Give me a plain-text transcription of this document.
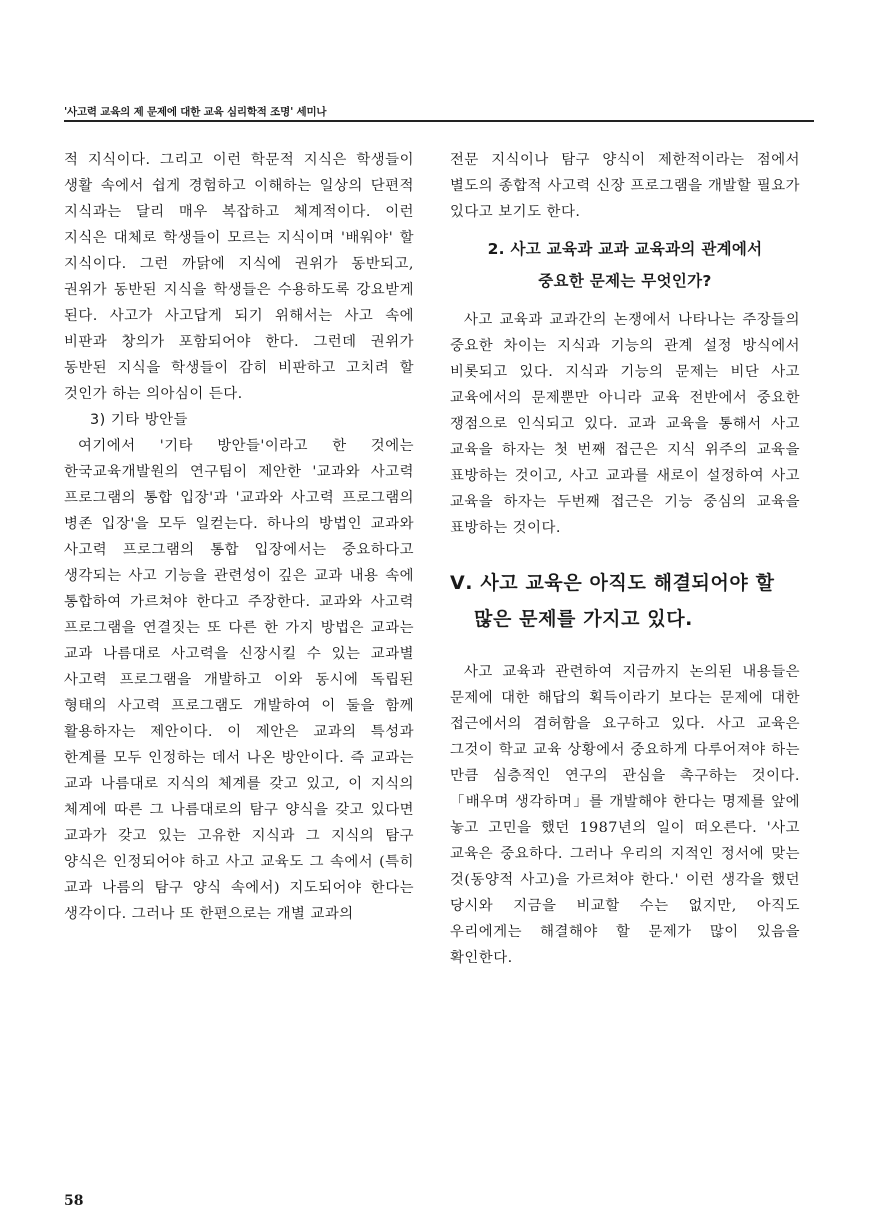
'사고력 교육의 제 문제에 대한 교육 심리학적 조명' 세미나

적 지식이다. 그리고 이런 학문적 지식은 학생들이 생활 속에서 쉽게 경험하고 이해하는 일상의 단편적 지식과는 달리 매우 복잡하고 체계적이다. 이런 지식은 대체로 학생들이 모르는 지식이며 '배워야' 할 지식이다. 그런 까닭에 지식에 권위가 동반되고, 권위가 동반된 지식을 학생들은 수용하도록 강요받게 된다. 사고가 사고답게 되기 위해서는 사고 속에 비판과 창의가 포함되어야 한다. 그런데 권위가 동반된 지식을 학생들이 감히 비판하고 고치려 할 것인가 하는 의아심이 든다.

3) 기타 방안들

여기에서 '기타 방안들'이라고 한 것에는 한국교육개발원의 연구팀이 제안한 '교과와 사고력 프로그램의 통합 입장'과 '교과와 사고력 프로그램의 병존 입장'을 모두 일컫는다. 하나의 방법인 교과와 사고력 프로그램의 통합 입장에서는 중요하다고 생각되는 사고 기능을 관련성이 깊은 교과 내용 속에 통합하여 가르쳐야 한다고 주장한다. 교과와 사고력 프로그램을 연결짓는 또 다른 한 가지 방법은 교과는 교과 나름대로 사고력을 신장시킬 수 있는 교과별 사고력 프로그램을 개발하고 이와 동시에 독립된 형태의 사고력 프로그램도 개발하여 이 둘을 함께 활용하자는 제안이다. 이 제안은 교과의 특성과 한계를 모두 인정하는 데서 나온 방안이다. 즉 교과는 교과 나름대로 지식의 체계를 갖고 있고, 이 지식의 체계에 따른 그 나름대로의 탐구 양식을 갖고 있다면 교과가 갖고 있는 고유한 지식과 그 지식의 탐구 양식은 인정되어야 하고 사고 교육도 그 속에서 (특히 교과 나름의 탐구 양식 속에서) 지도되어야 한다는 생각이다. 그러나 또 한편으로는 개별 교과의

전문 지식이나 탐구 양식이 제한적이라는 점에서 별도의 종합적 사고력 신장 프로그램을 개발할 필요가 있다고 보기도 한다.

2. 사고 교육과 교과 교육과의 관계에서
중요한 문제는 무엇인가?

사고 교육과 교과간의 논쟁에서 나타나는 주장들의 중요한 차이는 지식과 기능의 관계 설정 방식에서 비롯되고 있다. 지식과 기능의 문제는 비단 사고 교육에서의 문제뿐만 아니라 교육 전반에서 중요한 쟁점으로 인식되고 있다. 교과 교육을 통해서 사고 교육을 하자는 첫 번째 접근은 지식 위주의 교육을 표방하는 것이고, 사고 교과를 새로이 설정하여 사고 교육을 하자는 두번째 접근은 기능 중심의 교육을 표방하는 것이다.

Ⅴ. 사고 교육은 아직도 해결되어야 할
많은 문제를 가지고 있다.

사고 교육과 관련하여 지금까지 논의된 내용들은 문제에 대한 해답의 획득이라기 보다는 문제에 대한 접근에서의 겸허함을 요구하고 있다. 사고 교육은 그것이 학교 교육 상황에서 중요하게 다루어져야 하는 만큼 심층적인 연구의 관심을 촉구하는 것이다. 「배우며 생각하며」를 개발해야 한다는 명제를 앞에 놓고 고민을 했던 1987년의 일이 떠오른다. '사고 교육은 중요하다. 그러나 우리의 지적인 정서에 맞는 것(동양적 사고)을 가르쳐야 한다.' 이런 생각을 했던 당시와 지금을 비교할 수는 없지만, 아직도 우리에게는 해결해야 할 문제가 많이 있음을 확인한다.

58
